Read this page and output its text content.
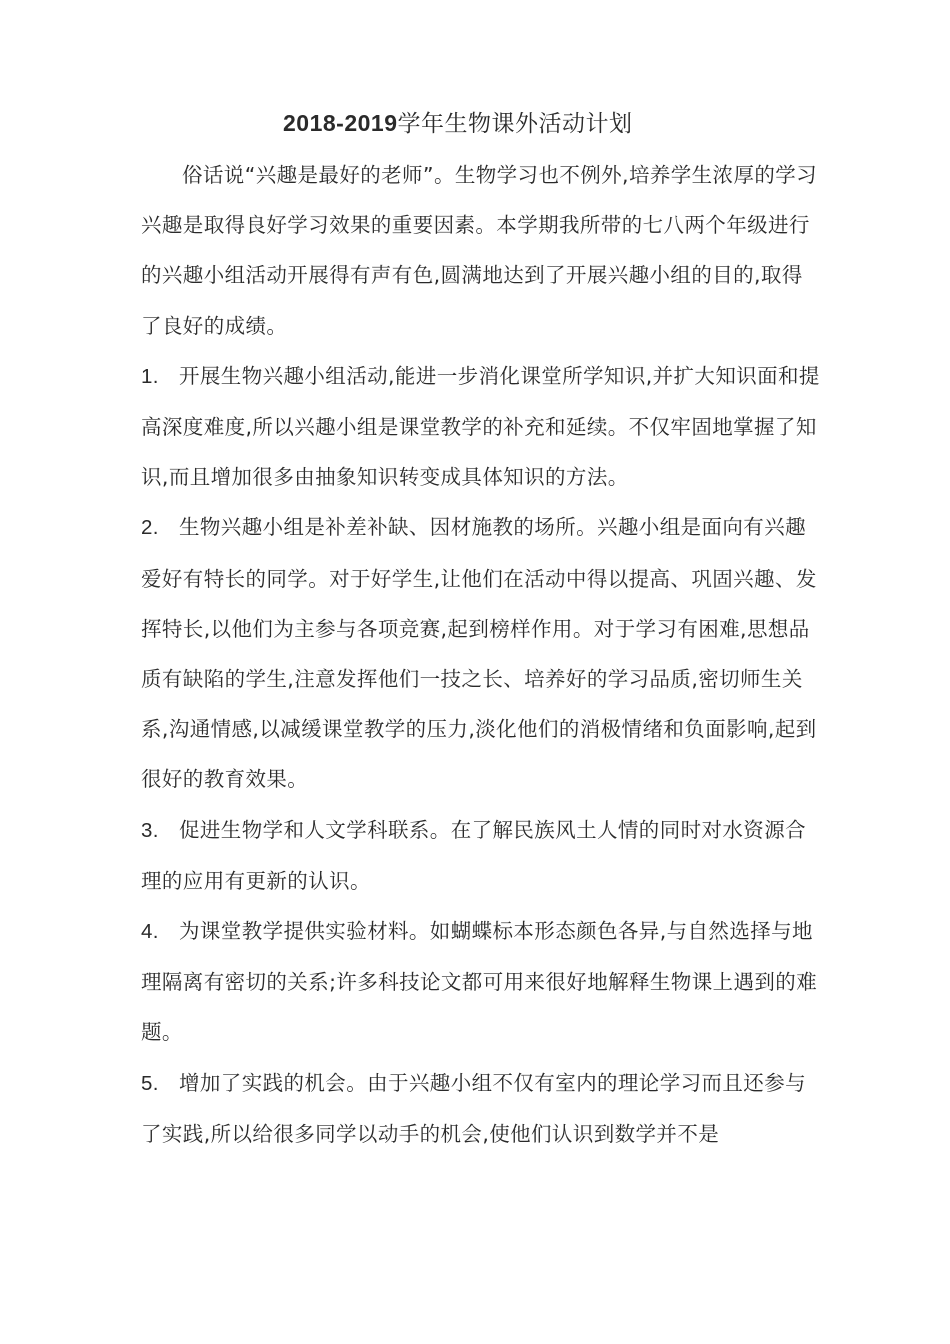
2018-2019学年生物课外活动计划

俗话说“兴趣是最好的老师”。生物学习也不例外,培养学生浓厚的学习兴趣是取得良好学习效果的重要因素。本学期我所带的七八两个年级进行的兴趣小组活动开展得有声有色,圆满地达到了开展兴趣小组的目的,取得了良好的成绩。

1. 开展生物兴趣小组活动,能进一步消化课堂所学知识,并扩大知识面和提高深度难度,所以兴趣小组是课堂教学的补充和延续。不仅牢固地掌握了知识,而且增加很多由抽象知识转变成具体知识的方法。

2. 生物兴趣小组是补差补缺、因材施教的场所。兴趣小组是面向有兴趣爱好有特长的同学。对于好学生,让他们在活动中得以提高、巩固兴趣、发挥特长,以他们为主参与各项竞赛,起到榜样作用。对于学习有困难,思想品质有缺陷的学生,注意发挥他们一技之长、培养好的学习品质,密切师生关系,沟通情感,以减缓课堂教学的压力,淡化他们的消极情绪和负面影响,起到很好的教育效果。

3. 促进生物学和人文学科联系。在了解民族风土人情的同时对水资源合理的应用有更新的认识。

4. 为课堂教学提供实验材料。如蝴蝶标本形态颜色各异,与自然选择与地理隔离有密切的关系;许多科技论文都可用来很好地解释生物课上遇到的难题。

5. 增加了实践的机会。由于兴趣小组不仅有室内的理论学习而且还参与了实践,所以给很多同学以动手的机会,使他们认识到数学并不是
